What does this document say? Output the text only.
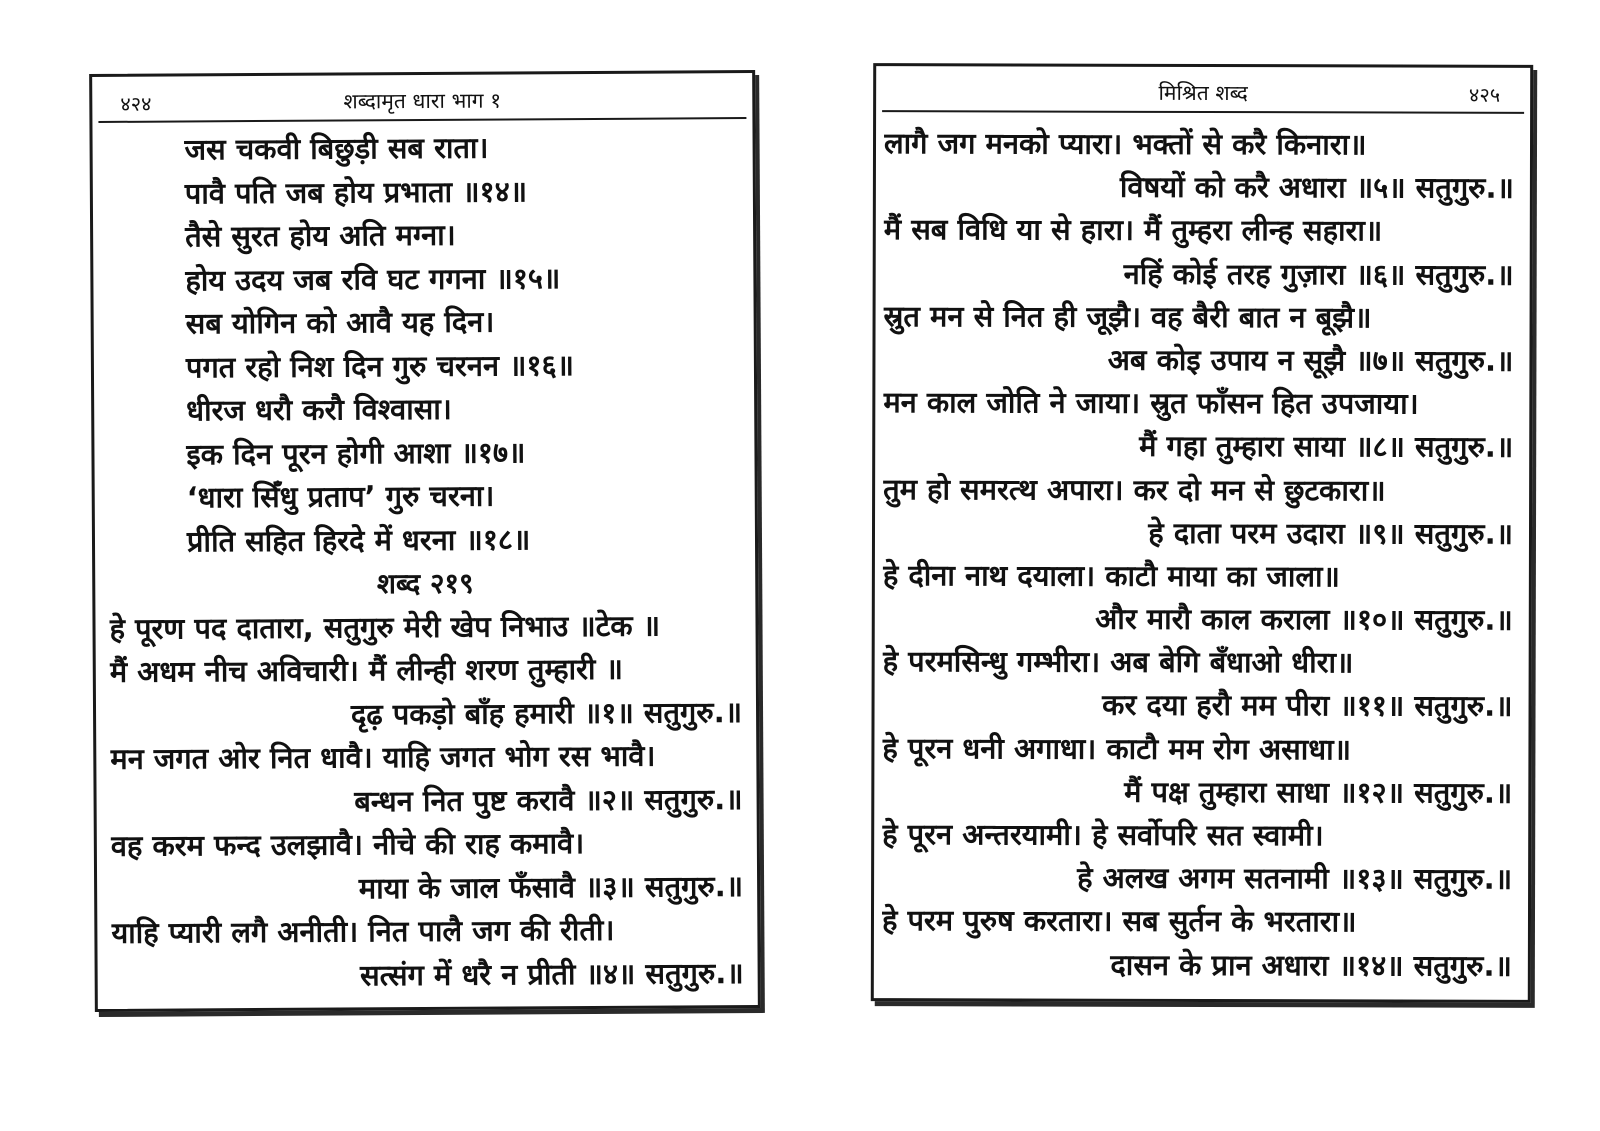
४२४	शब्दामृत धारा भाग १
जस चकवी बिछुड़ी सब राता।
पावै पति जब होय प्रभाता ॥१४॥
तैसे सुरत होय अति मग्ना।
होय उदय जब रवि घट गगना ॥१५॥
सब योगिन को आवै यह दिन।
पगत रहो निश दिन गुरु चरनन ॥१६॥
धीरज धरौ करौ विश्वासा।
इक दिन पूरन होगी आशा ॥१७॥
‘धारा सिँधु प्रताप’ गुरु चरना।
प्रीति सहित हिरदे में धरना ॥१८॥
शब्द २१९
हे पूरण पद दातारा, सतुगुरु मेरी खेप निभाउ ॥टेक ॥
मैं अधम नीच अविचारी। मैं लीन्ही शरण तुम्हारी ॥
दृढ़ पकड़ो बाँह हमारी ॥१॥ सतुगुरु.॥
मन जगत ओर नित धावै। याहि जगत भोग रस भावै।
बन्धन नित पुष्ट करावै ॥२॥ सतुगुरु.॥
वह करम फन्द उलझावै। नीचे की राह कमावै।
माया के जाल फँसावै ॥३॥ सतुगुरु.॥
याहि प्यारी लगै अनीती। नित पालै जग की रीती।
सत्संग में धरै न प्रीती ॥४॥ सतुगुरु.॥
मिश्रित शब्द	४२५
लागै जग मनको प्यारा। भक्तों से करै किनारा॥
विषयों को करै अधारा ॥५॥ सतुगुरु.॥
मैं सब विधि या से हारा। मैं तुम्हरा लीन्ह सहारा॥
नहिं कोई तरह गुज़ारा ॥६॥ सतुगुरु.॥
स्रुत मन से नित ही जूझै। वह बैरी बात न बूझै॥
अब कोइ उपाय न सूझै ॥७॥ सतुगुरु.॥
मन काल जोति ने जाया। स्रुत फाँसन हित उपजाया।
मैं गहा तुम्हारा साया ॥८॥ सतुगुरु.॥
तुम हो समरत्थ अपारा। कर दो मन से छुटकारा॥
हे दाता परम उदारा ॥९॥ सतुगुरु.॥
हे दीना नाथ दयाला। काटौ माया का जाला॥
और मारौ काल कराला ॥१०॥ सतुगुरु.॥
हे परमसिन्धु गम्भीरा। अब बेगि बँधाओ धीरा॥
कर दया हरौ मम पीरा ॥११॥ सतुगुरु.॥
हे पूरन धनी अगाधा। काटौ मम रोग असाधा॥
मैं पक्ष तुम्हारा साधा ॥१२॥ सतुगुरु.॥
हे पूरन अन्तरयामी। हे सर्वोपरि सत स्वामी।
हे अलख अगम सतनामी ॥१३॥ सतुगुरु.॥
हे परम पुरुष करतारा। सब सुर्तन के भरतारा॥
दासन के प्रान अधारा ॥१४॥ सतुगुरु.॥
